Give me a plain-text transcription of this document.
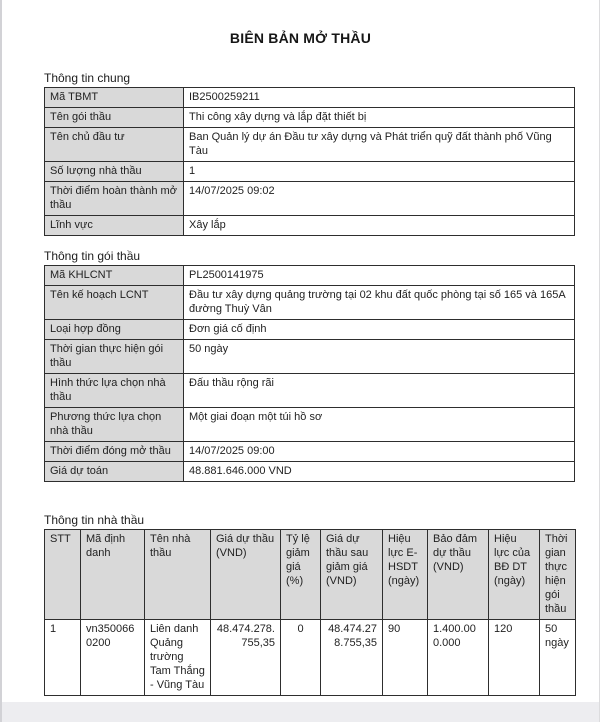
BIÊN BẢN MỞ THẦU
Thông tin chung
Mã TBMT	IB2500259211
Tên gói thầu	Thi công xây dựng và lắp đặt thiết bị
Tên chủ đầu tư	Ban Quản lý dự án Đầu tư xây dựng và Phát triển quỹ đất thành phố Vũng Tàu
Số lượng nhà thầu	1
Thời điểm hoàn thành mở thầu	14/07/2025 09:02
Lĩnh vực	Xây lắp
Thông tin gói thầu
Mã KHLCNT	PL2500141975
Tên kế hoạch LCNT	Đầu tư xây dựng quảng trường tại 02 khu đất quốc phòng tại số 165 và 165A đường Thuỳ Vân
Loại hợp đồng	Đơn giá cố định
Thời gian thực hiện gói thầu	50 ngày
Hình thức lựa chọn nhà thầu	Đấu thầu rộng rãi
Phương thức lựa chọn nhà thầu	Một giai đoạn một túi hồ sơ
Thời điểm đóng mở thầu	14/07/2025 09:00
Giá dự toán	48.881.646.000 VND
Thông tin nhà thầu
STT	Mã định danh	Tên nhà thầu	Giá dự thầu (VND)	Tỷ lệ giảm giá (%)	Giá dự thầu sau giảm giá (VND)	Hiệu lực E-HSDT (ngày)	Bảo đảm dự thầu (VND)	Hiệu lực của BĐ DT (ngày)	Thời gian thực hiện gói thầu
1	vn3500660200	Liên danh Quảng trường Tam Thắng - Vũng Tàu	48.474.278.755,35	0	48.474.278.755,35	90	1.400.000.000	120	50 ngày
